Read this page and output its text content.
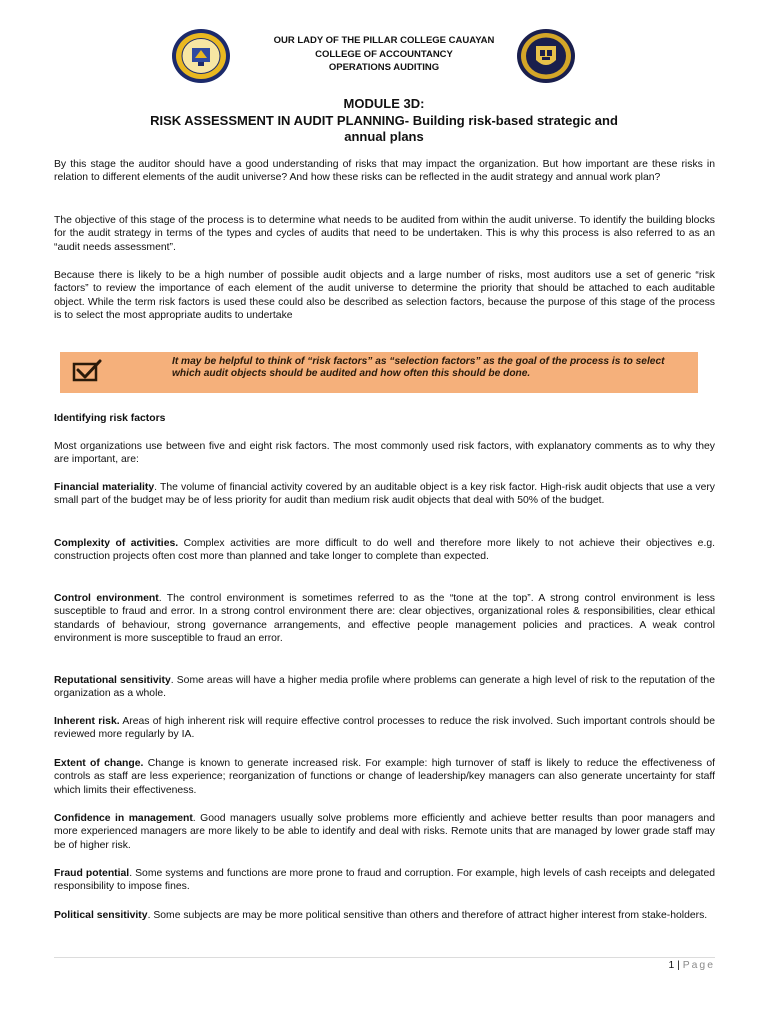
OUR LADY OF THE PILLAR COLLEGE CAUAYAN
COLLEGE OF ACCOUNTANCY
OPERATIONS AUDITING
MODULE 3D:
RISK ASSESSMENT IN AUDIT PLANNING- Building risk-based strategic and
annual plans

By this stage the auditor should have a good understanding of risks that may impact the organization. But how important are these risks in relation to different elements of the audit universe? And how these risks can be reflected in the audit strategy and annual work plan?

The objective of this stage of the process is to determine what needs to be audited from within the audit universe. To identify the building blocks for the audit strategy in terms of the types and cycles of audits that need to be undertaken. This is why this process is also referred to as an “audit needs assessment”.

Because there is likely to be a high number of possible audit objects and a large number of risks, most auditors use a set of generic “risk factors” to review the importance of each element of the audit universe to determine the priority that should be attached to each auditable object. While the term risk factors is used these could also be described as selection factors, because the purpose of this stage of the process is to select the most appropriate audits to undertake

It may be helpful to think of “risk factors” as “selection factors” as the goal of the process is to select which audit objects should be audited and how often this should be done.
Identifying risk factors

Most organizations use between five and eight risk factors. The most commonly used risk factors, with explanatory comments as to why they are important, are:

Financial materiality. The volume of financial activity covered by an auditable object is a key risk factor. High-risk audit objects that use a very small part of the budget may be of less priority for audit than medium risk audit objects that deal with 50% of the budget.

Complexity of activities. Complex activities are more difficult to do well and therefore more likely to not achieve their objectives e.g. construction projects often cost more than planned and take longer to complete than expected.

Control environment. The control environment is sometimes referred to as the “tone at the top”. A strong control environment is less susceptible to fraud and error. In a strong control environment there are: clear objectives, organizational roles & responsibilities, clear ethical standards of behaviour, strong governance arrangements, and effective people management policies and practices. A weak control environment is more susceptible to fraud an error.

Reputational sensitivity. Some areas will have a higher media profile where problems can generate a high level of risk to the reputation of the organization as a whole.

Inherent risk. Areas of high inherent risk will require effective control processes to reduce the risk involved. Such important controls should be reviewed more regularly by IA.

Extent of change. Change is known to generate increased risk. For example: high turnover of staff is likely to reduce the effectiveness of controls as staff are less experience; reorganization of functions or change of leadership/key managers can also generate uncertainty for staff which limits their effectiveness.

Confidence in management. Good managers usually solve problems more efficiently and achieve better results than poor managers and more experienced managers are more likely to be able to identify and deal with risks. Remote units that are managed by lower grade staff may be of higher risk.

Fraud potential. Some systems and functions are more prone to fraud and corruption. For example, high levels of cash receipts and delegated responsibility to impose fines.

Political sensitivity. Some subjects are may be more political sensitive than others and therefore of attract higher interest from stake-holders.

1 | Page
